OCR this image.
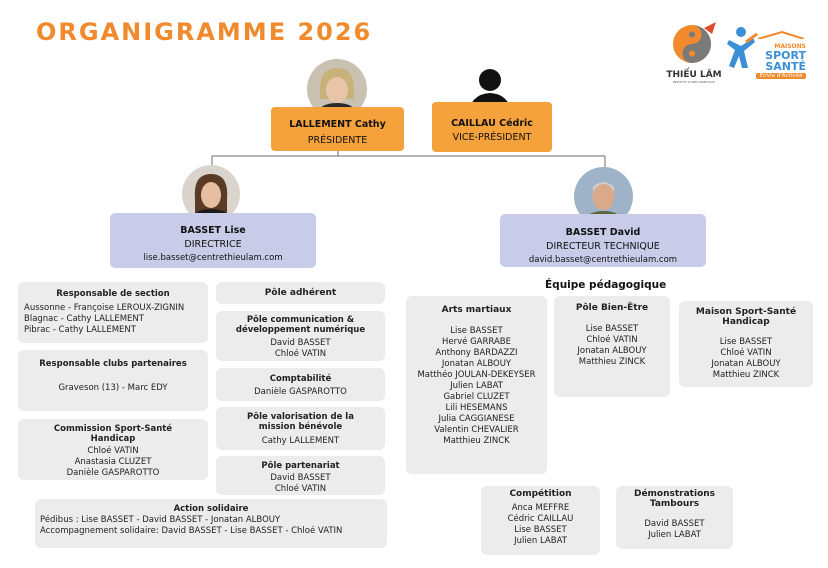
ORGANIGRAMME 2026
THIẾU LÂM
INSTITUT D'ARTS MARTIAUX
MAISONS
SPORT
SANTÉ
EnVie d'Activité
LALLEMENT Cathy
PRÉSIDENTE
CAILLAU Cédric
VICE-PRÉSIDENT
BASSET Lise
DIRECTRICE
lise.basset@centrethieulam.com
BASSET David
DIRECTEUR TECHNIQUE
david.basset@centrethieulam.com
Responsable de section
Aussonne - Françoise LEROUX-ZIGNIN
Blagnac - Cathy LALLEMENT
Pibrac - Cathy LALLEMENT
Responsable clubs partenaires
Graveson (13) - Marc EDY
Commission Sport-Santé Handicap
Chloé VATIN
Anastasia CLUZET
Danièle GASPAROTTO
Action solidaire
Pédibus : Lise BASSET - David BASSET - Jonatan ALBOUY
Accompagnement solidaire: David BASSET - Lise BASSET - Chloé VATIN
Pôle adhérent
Pôle communication & développement numérique
David BASSET
Chloé VATIN
Comptabilité
Danièle GASPAROTTO
Pôle valorisation de la mission bénévole
Cathy LALLEMENT
Pôle partenariat
David BASSET
Chloé VATIN
Équipe pédagogique
Arts martiaux
Lise BASSET
Hervé GARRABE
Anthony BARDAZZI
Jonatan ALBOUY
Matthéo JOULAN-DEKEYSER
Julien LABAT
Gabriel CLUZET
Lili HESEMANS
Julia CAGGIANESE
Valentin CHEVALIER
Matthieu ZINCK
Pôle Bien-Être
Lise BASSET
Chloé VATIN
Jonatan ALBOUY
Matthieu ZINCK
Maison Sport-Santé Handicap
Lise BASSET
Chloé VATIN
Jonatan ALBOUY
Matthieu ZINCK
Compétition
Anca MEFFRE
Cédric CAILLAU
Lise BASSET
Julien LABAT
Démonstrations Tambours
David BASSET
Julien LABAT
